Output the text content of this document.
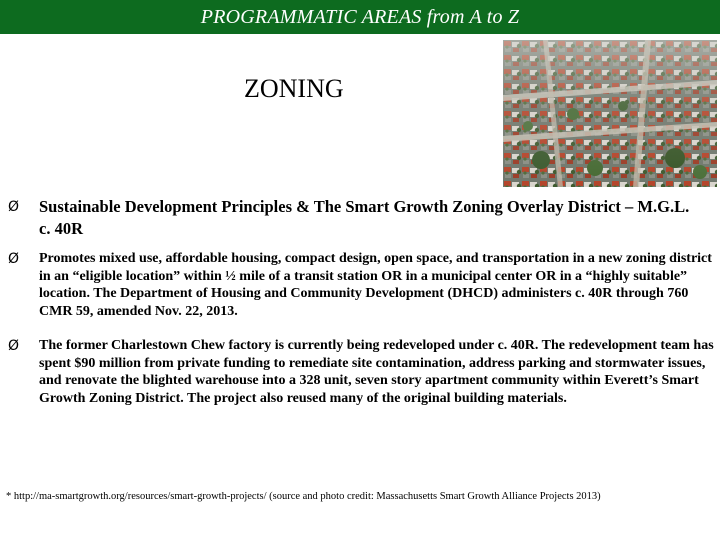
PROGRAMMATIC AREAS from A to Z
ZONING
Ø Sustainable Development Principles & The Smart Growth Zoning Overlay District – M.G.L. c. 40R
Ø Promotes mixed use, affordable housing, compact design, open space, and transportation in a new zoning district in an “eligible location” within ½ mile of a transit station OR in a municipal center OR in a “highly suitable” location. The Department of Housing and Community Development (DHCD) administers c. 40R through 760 CMR 59, amended Nov. 22, 2013.
Ø The former Charlestown Chew factory is currently being redeveloped under c. 40R. The redevelopment team has spent $90 million from private funding to remediate site contamination, address parking and stormwater issues, and renovate the blighted warehouse into a 328 unit, seven story apartment community within Everett’s Smart Growth Zoning District. The project also reused many of the original building materials.
* http://ma-smartgrowth.org/resources/smart-growth-projects/ (source and photo credit: Massachusetts Smart Growth Alliance Projects 2013)
